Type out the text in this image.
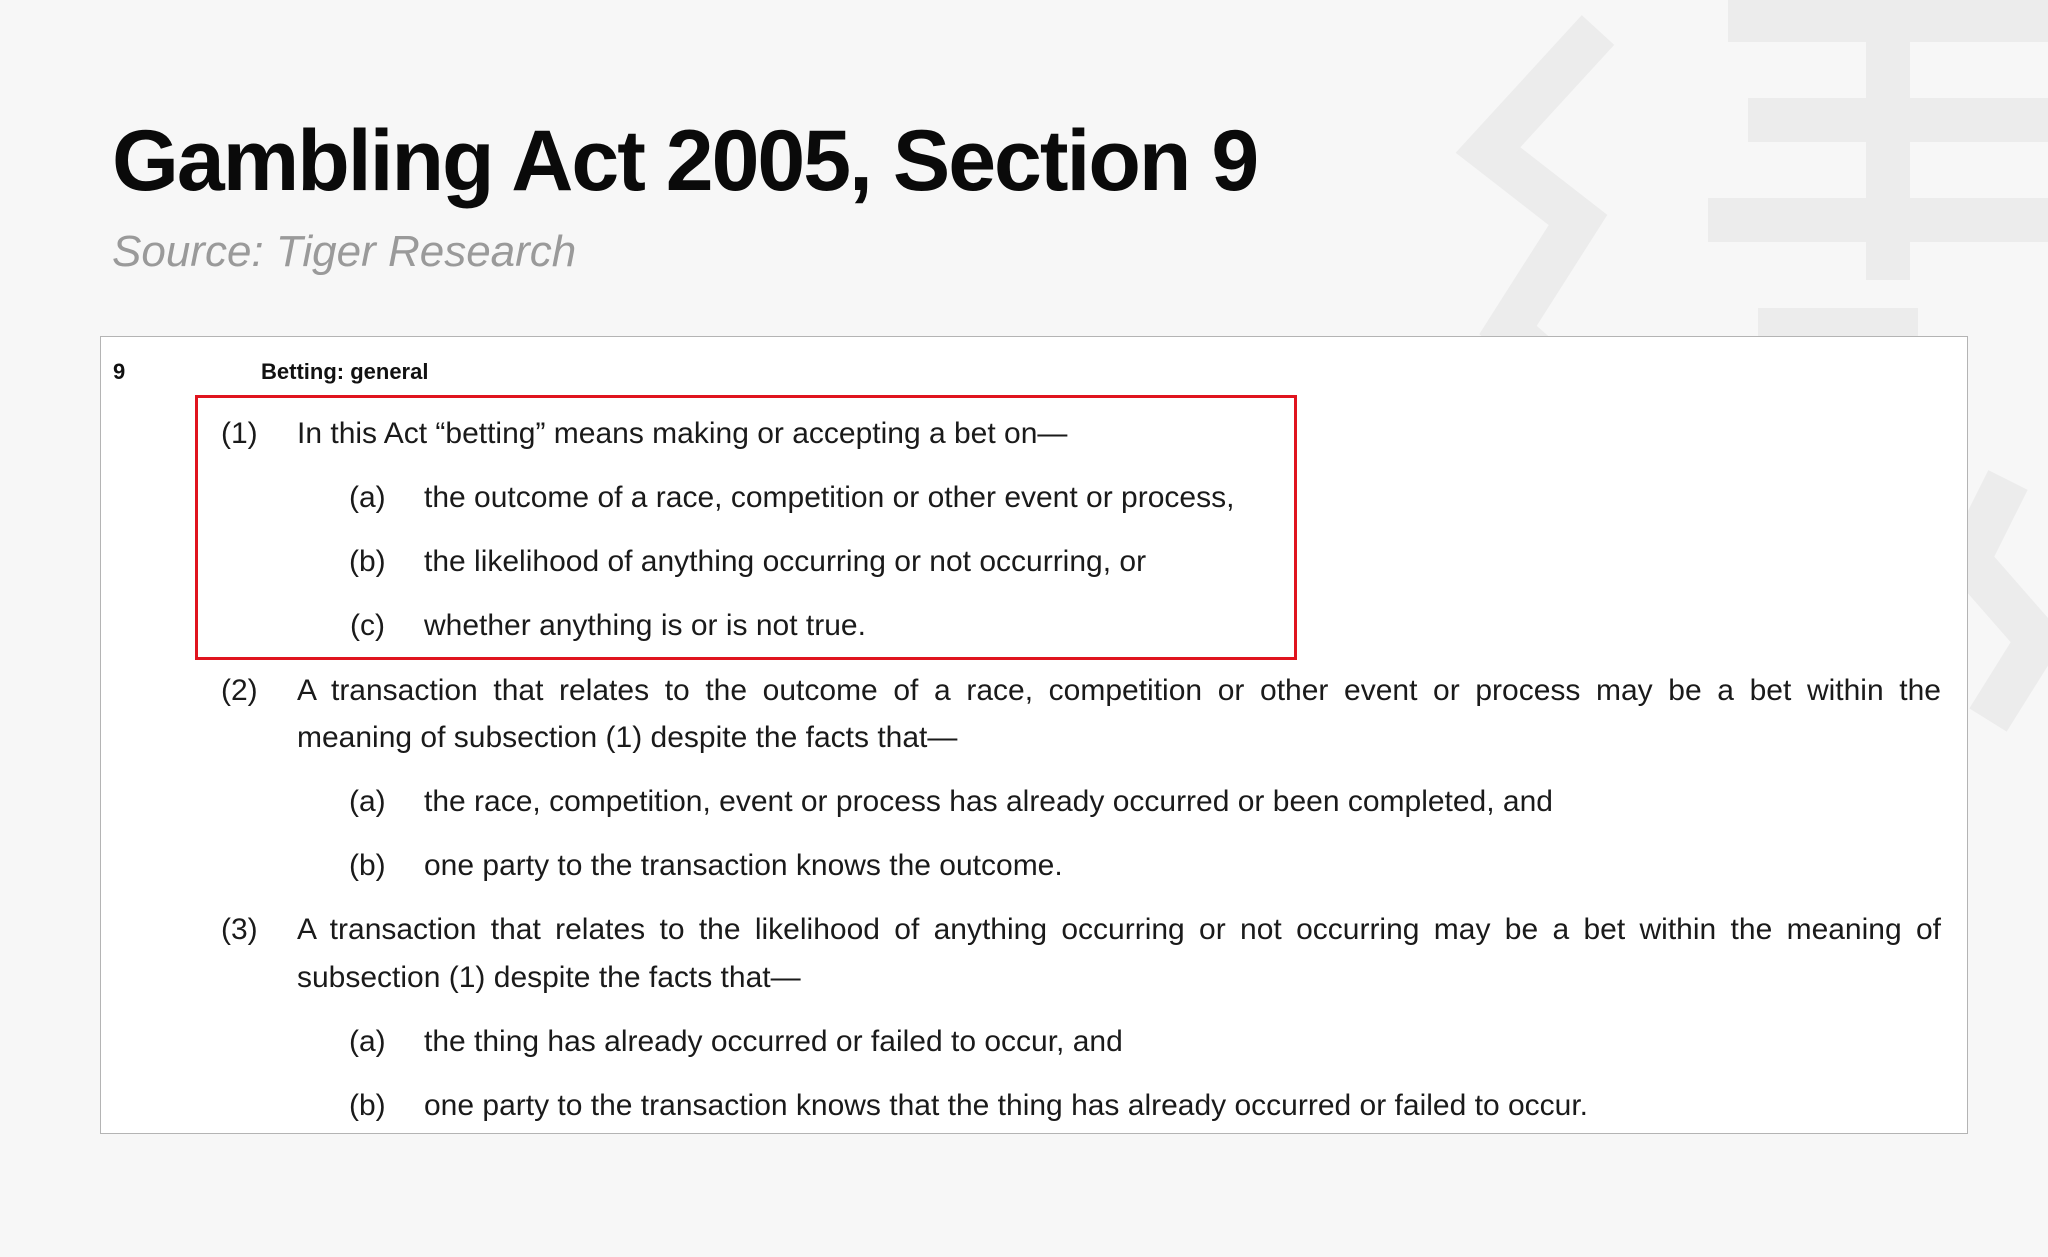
Gambling Act 2005, Section 9
Source: Tiger Research
9	Betting: general
(1) In this Act “betting” means making or accepting a bet on—
(a) the outcome of a race, competition or other event or process,
(b) the likelihood of anything occurring or not occurring, or
(c) whether anything is or is not true.
(2) A transaction that relates to the outcome of a race, competition or other event or process may be a bet within the
meaning of subsection (1) despite the facts that—
(a) the race, competition, event or process has already occurred or been completed, and
(b) one party to the transaction knows the outcome.
(3) A transaction that relates to the likelihood of anything occurring or not occurring may be a bet within the meaning of
subsection (1) despite the facts that—
(a) the thing has already occurred or failed to occur, and
(b) one party to the transaction knows that the thing has already occurred or failed to occur.
